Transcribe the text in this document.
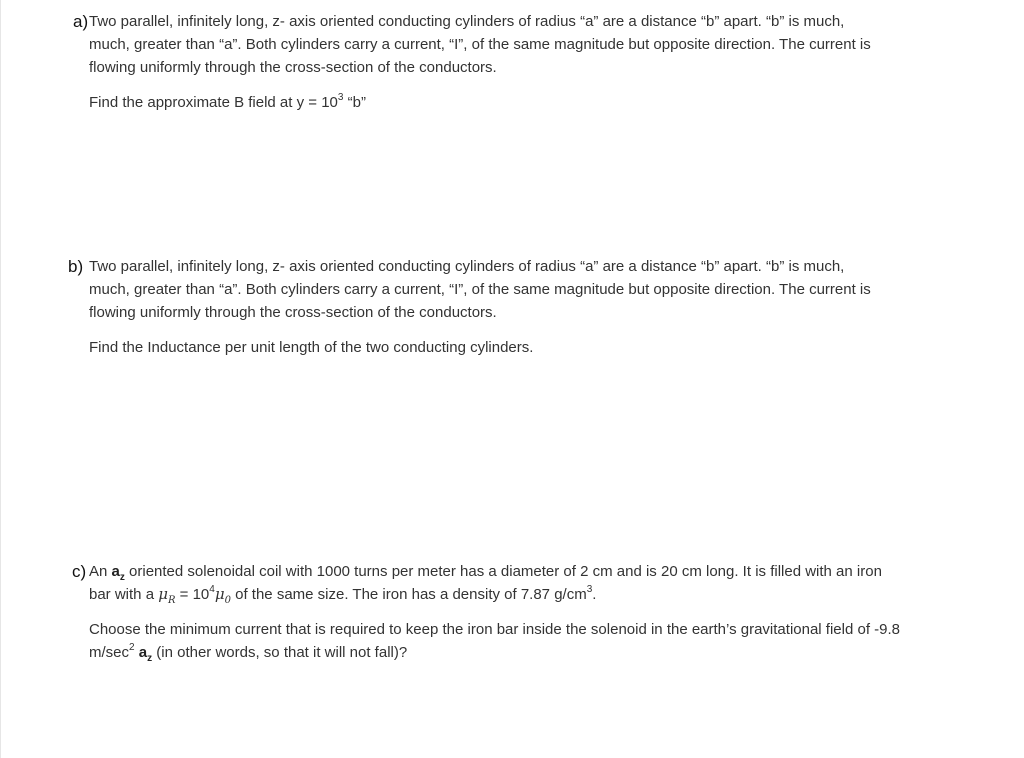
a) Two parallel, infinitely long, z- axis oriented conducting cylinders of radius “a” are a distance “b” apart. “b” is much,
much, greater than “a”. Both cylinders carry a current, “I”, of the same magnitude but opposite direction. The current is
flowing uniformly through the cross-section of the conductors.
Find the approximate B field at $y = 10^3$ “b”
b) Two parallel, infinitely long, z- axis oriented conducting cylinders of radius “a” are a distance “b” apart. “b” is much,
much, greater than “a”. Both cylinders carry a current, “I”, of the same magnitude but opposite direction. The current is
flowing uniformly through the cross-section of the conductors.
Find the Inductance per unit length of the two conducting cylinders.
c) An $a_z$ oriented solenoidal coil with 1000 turns per meter has a diameter of 2 cm and is 20 cm long. It is filled with an iron
bar with a $\mu_R = 10^4\mu_0$ of the same size. The iron has a density of 7.87 $g/cm^3$.
Choose the minimum current that is required to keep the iron bar inside the solenoid in the earth’s gravitational field of -9.8
$m/\sec^2$ $a_z$ (in other words, so that it will not fall)?
